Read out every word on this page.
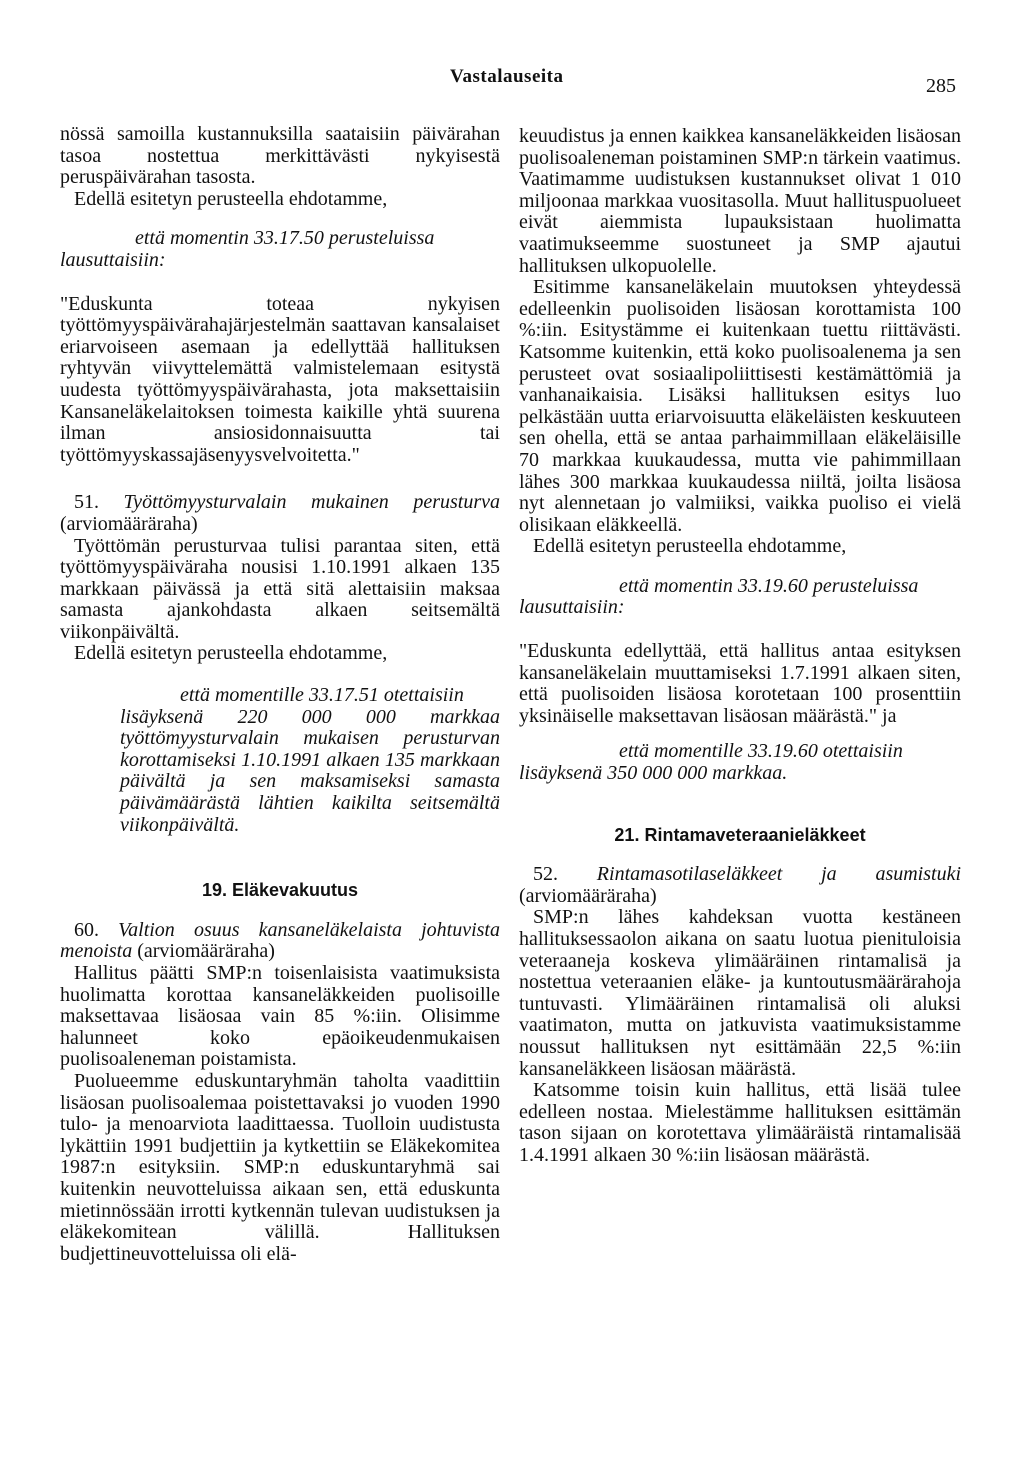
Vastalauseita	285

nössä samoilla kustannuksilla saataisiin päivärahan tasoa nostettua merkittävästi nykyisestä peruspäivärahan tasosta.

Edellä esitetyn perusteella ehdotamme,

että momentin 33.17.50 perusteluissa
lausuttaisiin:

"Eduskunta toteaa nykyisen työttömyyspäivärahajärjestelmän saattavan kansalaiset eriarvoiseen asemaan ja edellyttää hallituksen ryhtyvän viivyttelemättä valmistelemaan esitystä uudesta työttömyyspäivärahasta, jota maksettaisiin Kansaneläkelaitoksen toimesta kaikille yhtä suurena ilman ansiosidonnaisuutta tai työttömyyskassajäsenyysvelvoitetta."

51. Työttömyysturvalain mukainen perusturva (arviomääräraha)

Työttömän perusturvaa tulisi parantaa siten, että työttömyyspäiväraha nousisi 1.10.1991 alkaen 135 markkaan päivässä ja että sitä alettaisiin maksaa samasta ajankohdasta alkaen seitsemältä viikonpäivältä.

Edellä esitetyn perusteella ehdotamme,

että momentille 33.17.51 otettaisiin
lisäyksenä 220 000 000 markkaa työttömyysturvalain mukaisen perusturvan korottamiseksi 1.10.1991 alkaen 135 markkaan päivältä ja sen maksamiseksi samasta päivämäärästä lähtien kaikilta seitsemältä viikonpäivältä.

19. Eläkevakuutus

60. Valtion osuus kansaneläkelaista johtuvista menoista (arviomääräraha)

Hallitus päätti SMP:n toisenlaisista vaatimuksista huolimatta korottaa kansaneläkkeiden puolisoille maksettavaa lisäosaa vain 85 %:iin. Olisimme halunneet koko epäoikeudenmukaisen puolisoaleneman poistamista.

Puolueemme eduskuntaryhmän taholta vaadittiin lisäosan puolisoalemaa poistettavaksi jo vuoden 1990 tulo- ja menoarviota laadittaessa. Tuolloin uudistusta lykättiin 1991 budjettiin ja kytkettiin se Eläkekomitea 1987:n esityksiin. SMP:n eduskuntaryhmä sai kuitenkin neuvotteluissa aikaan sen, että eduskunta mietinnössään irrotti kytkennän tulevan uudistuksen ja eläkekomitean välillä. Hallituksen budjettineuvotteluissa oli elä-

keuudistus ja ennen kaikkea kansaneläkkeiden lisäosan puolisoaleneman poistaminen SMP:n tärkein vaatimus. Vaatimamme uudistuksen kustannukset olivat 1 010 miljoonaa markkaa vuositasolla. Muut hallituspuolueet eivät aiemmista lupauksistaan huolimatta vaatimukseemme suostuneet ja SMP ajautui hallituksen ulkopuolelle.

Esitimme kansaneläkelain muutoksen yhteydessä edelleenkin puolisoiden lisäosan korottamista 100 %:iin. Esitystämme ei kuitenkaan tuettu riittävästi. Katsomme kuitenkin, että koko puolisoalenema ja sen perusteet ovat sosiaalipoliittisesti kestämättömiä ja vanhanaikaisia. Lisäksi hallituksen esitys luo pelkästään uutta eriarvoisuutta eläkeläisten keskuuteen sen ohella, että se antaa parhaimmillaan eläkeläisille 70 markkaa kuukaudessa, mutta vie pahimmillaan lähes 300 markkaa kuukaudessa niiltä, joilta lisäosa nyt alennetaan jo valmiiksi, vaikka puoliso ei vielä olisikaan eläkkeellä.

Edellä esitetyn perusteella ehdotamme,

että momentin 33.19.60 perusteluissa
lausuttaisiin:

"Eduskunta edellyttää, että hallitus antaa esityksen kansaneläkelain muuttamiseksi 1.7.1991 alkaen siten, että puolisoiden lisäosa korotetaan 100 prosenttiin yksinäiselle maksettavan lisäosan määrästä." ja

että momentille 33.19.60 otettaisiin
lisäyksenä 350 000 000 markkaa.

21. Rintamaveteraanieläkkeet

52. Rintamasotilaseläkkeet ja asumistuki (arviomääräraha)

SMP:n lähes kahdeksan vuotta kestäneen hallituksessaolon aikana on saatu luotua pienituloisia veteraaneja koskeva ylimääräinen rintamalisä ja nostettua veteraanien eläke- ja kuntoutusmäärärahoja tuntuvasti. Ylimääräinen rintamalisä oli aluksi vaatimaton, mutta on jatkuvista vaatimuksistamme noussut hallituksen nyt esittämään 22,5 %:iin kansaneläkkeen lisäosan määrästä.

Katsomme toisin kuin hallitus, että lisää tulee edelleen nostaa. Mielestämme hallituksen esittämän tason sijaan on korotettava ylimääräistä rintamalisää 1.4.1991 alkaen 30 %:iin lisäosan määrästä.
